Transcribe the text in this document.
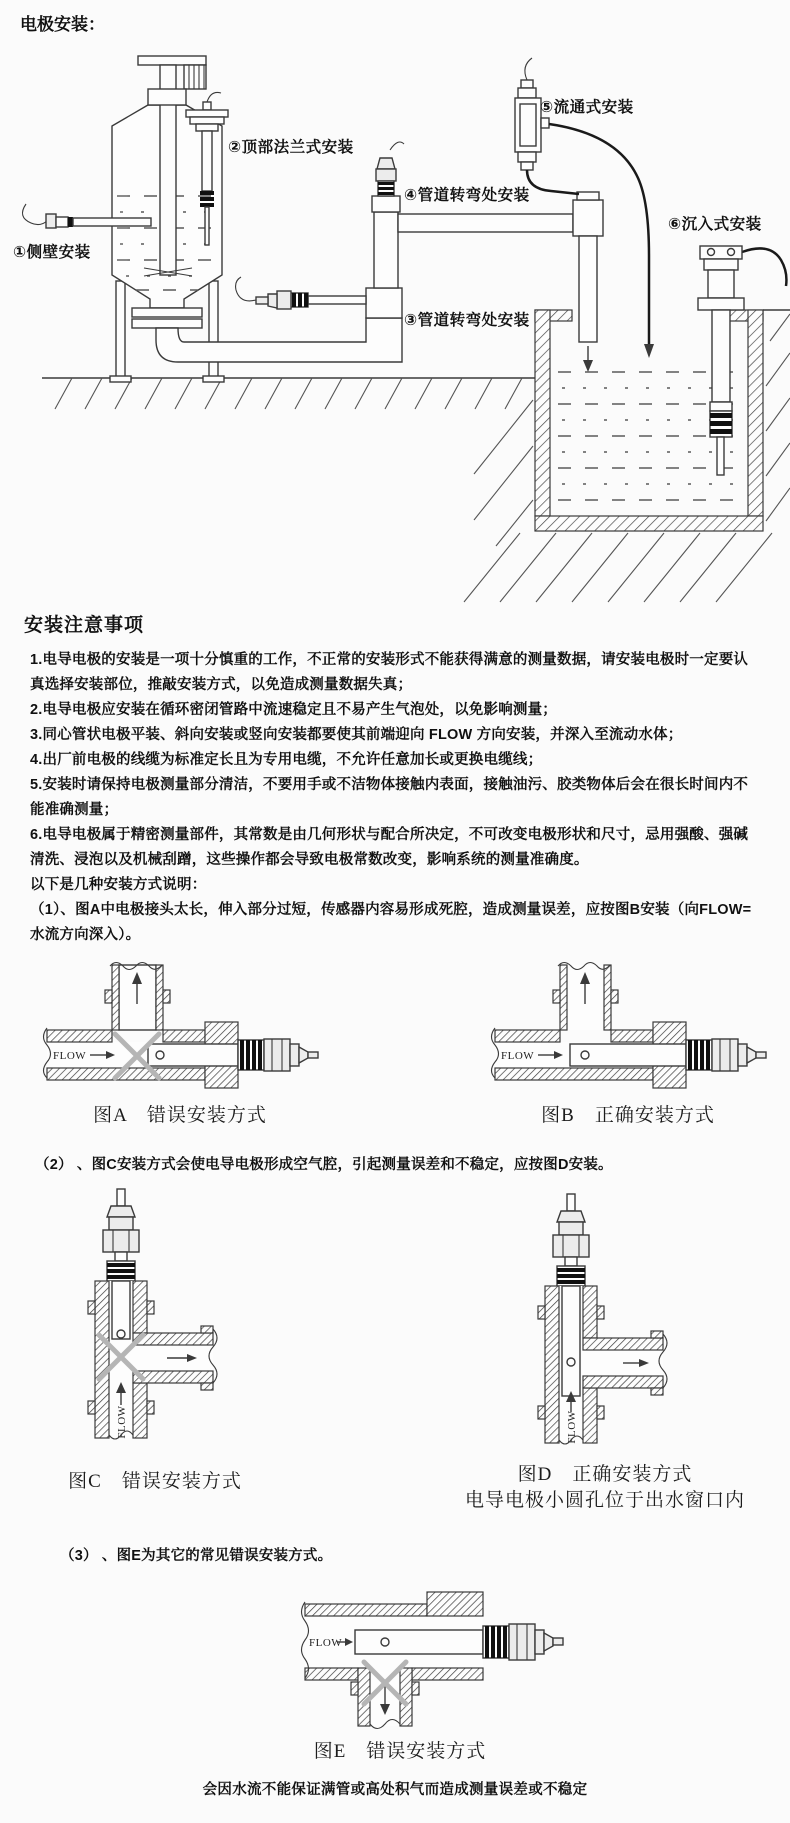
电极安装：
①侧壁安装
②顶部法兰式安装
③管道转弯处安装
④管道转弯处安装
⑤流通式安装
⑥沉入式安装
安装注意事项

1.电导电极的安装是一项十分慎重的工作，不正常的安装形式不能获得满意的测量数据，请安装电极时一定要认真选择安装部位，推敲安装方式，以免造成测量数据失真；

2.电导电极应安装在循环密闭管路中流速稳定且不易产生气泡处，以免影响测量；

3.同心管状电极平装、斜向安装或竖向安装都要使其前端迎向 FLOW 方向安装，并深入至流动水体；

4.出厂前电极的线缆为标准定长且为专用电缆，不允许任意加长或更换电缆线；

5.安装时请保持电极测量部分清洁，不要用手或不洁物体接触内表面，接触油污、胶类物体后会在很长时间内不能准确测量；

6.电导电极属于精密测量部件，其常数是由几何形状与配合所决定，不可改变电极形状和尺寸，忌用强酸、强碱清洗、浸泡以及机械刮蹭，这些操作都会导致电极常数改变，影响系统的测量准确度。

以下是几种安装方式说明：

（1）、图A中电极接头太长，伸入部分过短，传感器内容易形成死腔，造成测量误差，应按图B安装（向FLOW=水流方向深入）。

FLOW	FLOW
图A　错误安装方式	图B　正确安装方式
（2） 、图C安装方式会使电导电极形成空气腔，引起测量误差和不稳定，应按图D安装。
FLOW	FLOW
图C　错误安装方式	图D　正确安装方式
电导电极小圆孔位于出水窗口内
（3） 、图E为其它的常见错误安装方式。
FLOW
图E　错误安装方式
会因水流不能保证满管或高处积气而造成测量误差或不稳定
